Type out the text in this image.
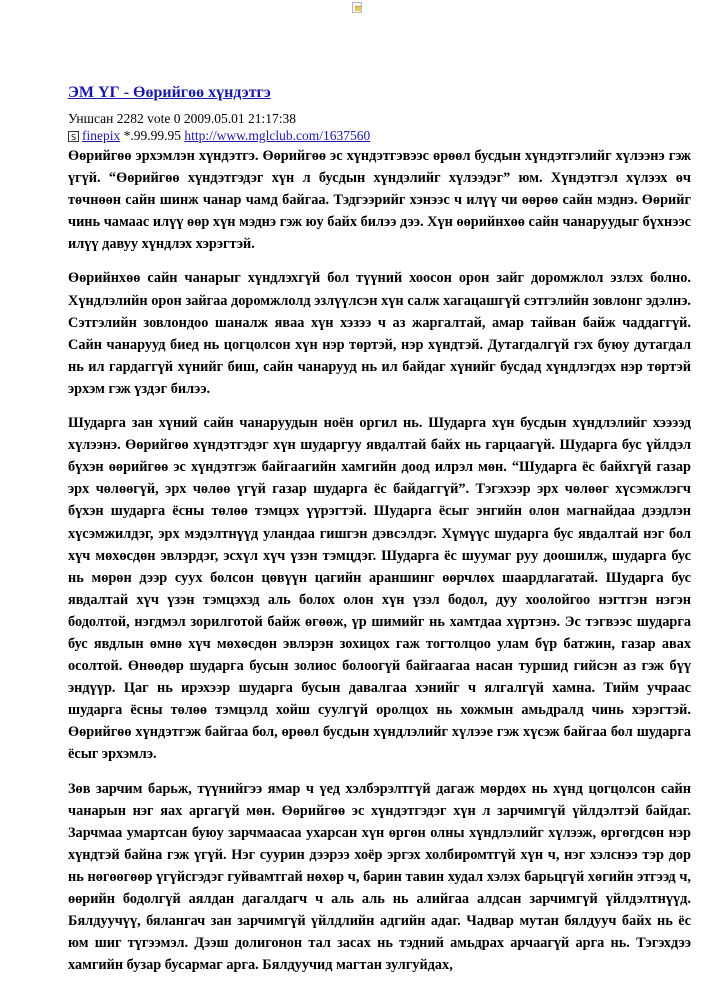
ЭМ ҮГ - Өөрийгөө хүндэтгэ
Уншсан 2282 vote 0 2009.05.01 21:17:38
S finepix *.99.99.95 http://www.mglclub.com/1637560

Өөрийгөө эрхэмлэн хүндэтгэ. Өөрийгөө эс хүндэтгэвээс өрөөл бусдын хүндэтгэлийг хүлээнэ гэж үгүй. “Өөрийгөө хүндэтгэдэг хүн л бусдын хүндэлийг хүлээдэг” юм. Хүндэтгэл хүлээх өч төчнөөн сайн шинж чанар чамд байгаа. Тэдгээрийг хэнээс ч илүү чи өөрөө сайн мэднэ. Өөрийг чинь чамаас илүү өөр хүн мэднэ гэж юу байх билээ дээ. Хүн өөрийнхөө сайн чанаруудыг бүхнээс илүү давуу хүндлэх хэрэгтэй.

Өөрийнхөө сайн чанарыг хүндлэхгүй бол түүний хоосон орон зайг доромжлол эзлэх болно. Хүндлэлийн орон зайгаа доромжлолд эзлүүлсэн хүн салж хагацашгүй сэтгэлийн зовлонг эдэлнэ. Сэтгэлийн зовлондоо шаналж яваа хүн хэзээ ч аз жаргалтай, амар тайван байж чаддаггүй. Сайн чанарууд биед нь цогцолсон хүн нэр төртэй, нэр хүндтэй. Дутагдалгүй гэх буюу дутагдал нь ил гардаггүй хүнийг биш, сайн чанарууд нь ил байдаг хүнийг бусдад хүндлэгдэх нэр төртэй эрхэм гэж үздэг билээ.

Шударга зан хүний сайн чанаруудын ноён оргил нь. Шударга хүн бусдын хүндлэлийг хээээд хүлээнэ. Өөрийгөө хүндэтгэдэг хүн шударгуу явдалтай байх нь гарцаагүй. Шударга бус үйлдэл бүхэн өөрийгөө эс хүндэтгэж байгаагийн хамгийн доод илрэл мөн. “Шударга ёс байхгүй газар эрх чөлөөгүй, эрх чөлөө үгүй газар шударга ёс байдаггүй”. Тэгэхээр эрх чөлөөг хүсэмжлэгч бүхэн шударга ёсны төлөө тэмцэх үүрэгтэй. Шударга ёсыг энгийн олон магнайдаа дээдлэн хүсэмжилдэг, эрх мэдэлтнүүд уландаа гишгэн дэвсэлдэг. Хүмүүс шударга бус явдалтай нэг бол хүч мөхөсдөн эвлэрдэг, эсхүл хүч үзэн тэмцдэг. Шударга ёс шуумаг руу доошилж, шударга бус нь мөрөн дээр суух болсон цөвүүн цагийн араншинг өөрчлөх шаардлагатай. Шударга бус явдалтай хүч үзэн тэмцэхэд аль болох олон хүн үзэл бодол, дуу хоолойгоо нэгтгэн нэгэн бодолтой, нэгдмэл зорилготой байж өгөөж, үр шимийг нь хамтдаа хүртэнэ. Эс тэгвээс шударга бус явдлын өмнө хүч мөхөсдөн эвлэрэн зохицох гаж тогтолцоо улам бүр батжин, газар авах осолтой. Өнөөдөр шударга бусын золиос болоогүй байгаагаа насан туршид гийсэн аз гэж бүү эндүүр. Цаг нь ирэхээр шударга бусын давалгаа хэнийг ч ялгалгүй хамна. Тийм учраас шударга ёсны төлөө тэмцэлд хойш суулгүй оролцох нь хожмын амьдралд чинь хэрэгтэй. Өөрийгөө хүндэтгэж байгаа бол, өрөөл бусдын хүндлэлийг хүлээе гэж хүсэж байгаа бол шударга ёсыг эрхэмлэ.

Зөв зарчим барьж, түүнийгээ ямар ч үед хэлбэрэлтгүй дагаж мөрдөх нь хүнд цогцолсон сайн чанарын нэг яах аргагүй мөн. Өөрийгөө эс хүндэтгэдэг хүн л зарчимгүй үйлдэлтэй байдаг. Зарчмаа умартсан буюу зарчмаасаа ухарсан хүн өргөн олны хүндлэлийг хүлээж, өргөгдсөн нэр хүндтэй байна гэж үгүй. Нэг суурин дээрээ хоёр эргэх холбиромтгүй хүн ч, нэг хэлснээ тэр дор нь нөгөөгөөр үгүйсгэдэг гуйвамтгай нөхөр ч, барин тавин худал хэлэх барьцгүй хөгийн этгээд ч, өөрийн бодолгүй аялдан дагалдагч ч аль аль нь алийгаа алдсан зарчимгүй үйлдэлтнүүд. Бялдуучүү, бялангач зан зарчимгүй үйлдлийн адгийн адаг. Чадвар мутан бялдууч байх нь ёс юм шиг түгээмэл. Дээш долигонон тал засах нь тэдний амьдрах арчаагүй арга нь. Тэгэхдээ хамгийн бузар бусармаг арга. Бялдуучид магтан зулгуйдах,
